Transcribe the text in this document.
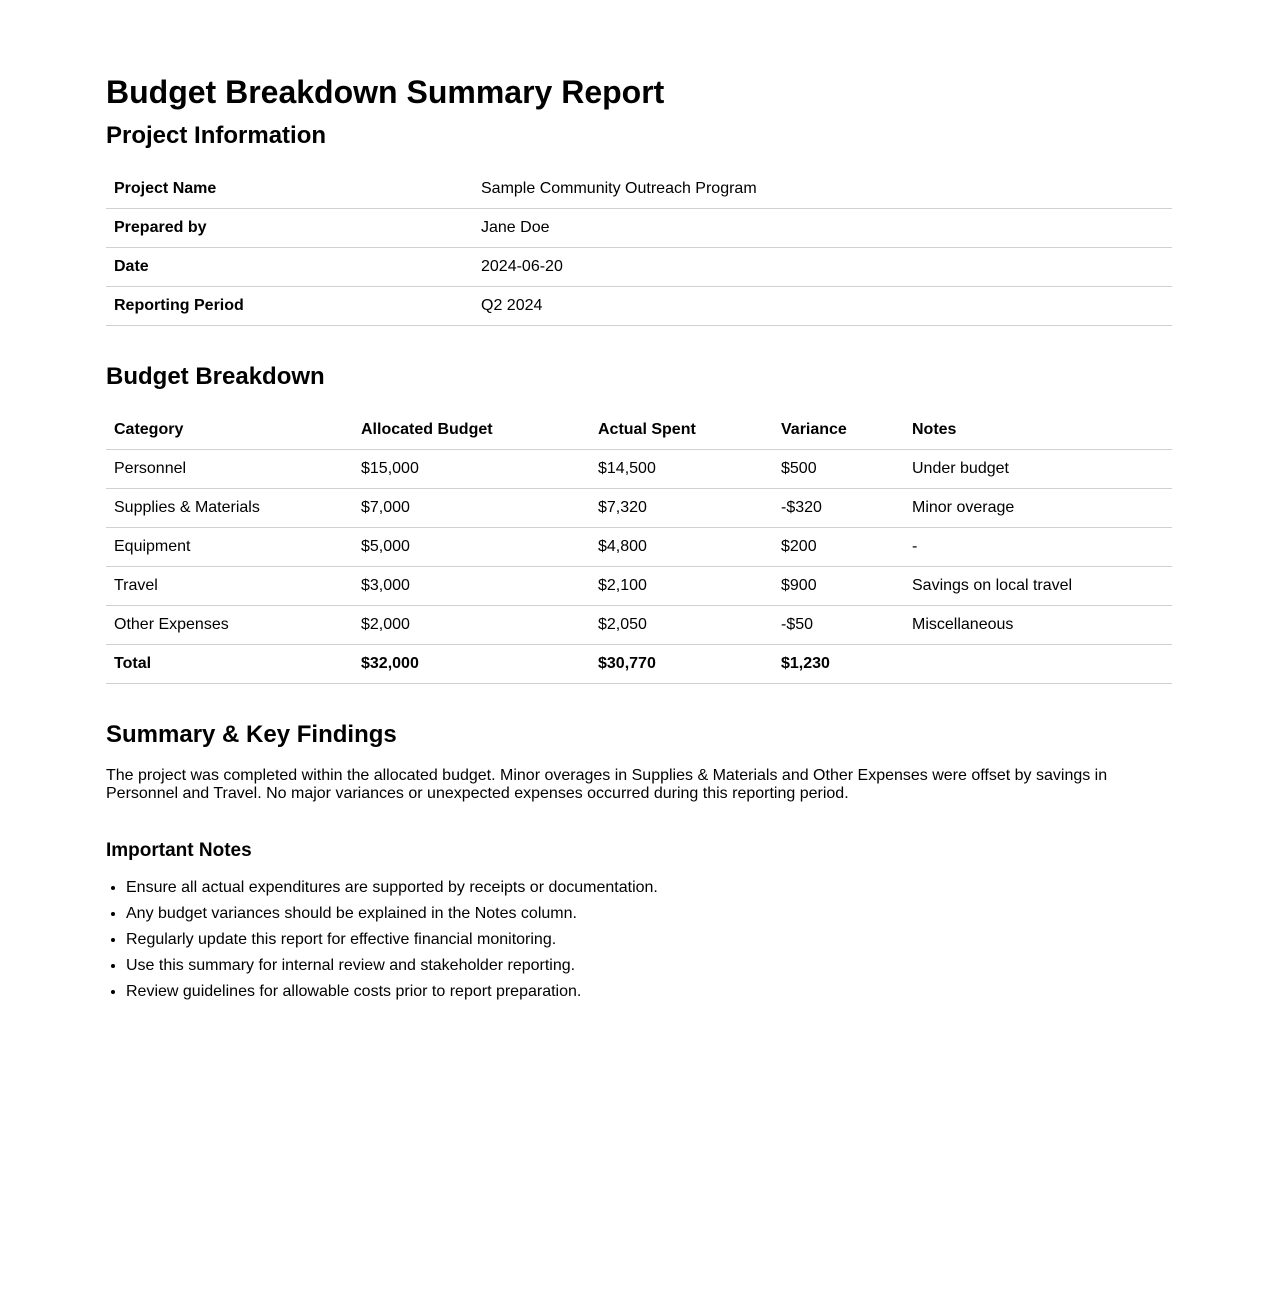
Budget Breakdown Summary Report
Project Information
Project Name	Sample Community Outreach Program
Prepared by	Jane Doe
Date	2024-06-20
Reporting Period	Q2 2024
Budget Breakdown
Category	Allocated Budget	Actual Spent	Variance	Notes
Personnel	$15,000	$14,500	$500	Under budget
Supplies & Materials	$7,000	$7,320	-$320	Minor overage
Equipment	$5,000	$4,800	$200	-
Travel	$3,000	$2,100	$900	Savings on local travel
Other Expenses	$2,000	$2,050	-$50	Miscellaneous
Total	$32,000	$30,770	$1,230	
Summary & Key Findings
The project was completed within the allocated budget. Minor overages in Supplies & Materials and Other Expenses were offset by savings in Personnel and Travel. No major variances or unexpected expenses occurred during this reporting period.
Important Notes
• Ensure all actual expenditures are supported by receipts or documentation.
• Any budget variances should be explained in the Notes column.
• Regularly update this report for effective financial monitoring.
• Use this summary for internal review and stakeholder reporting.
• Review guidelines for allowable costs prior to report preparation.
